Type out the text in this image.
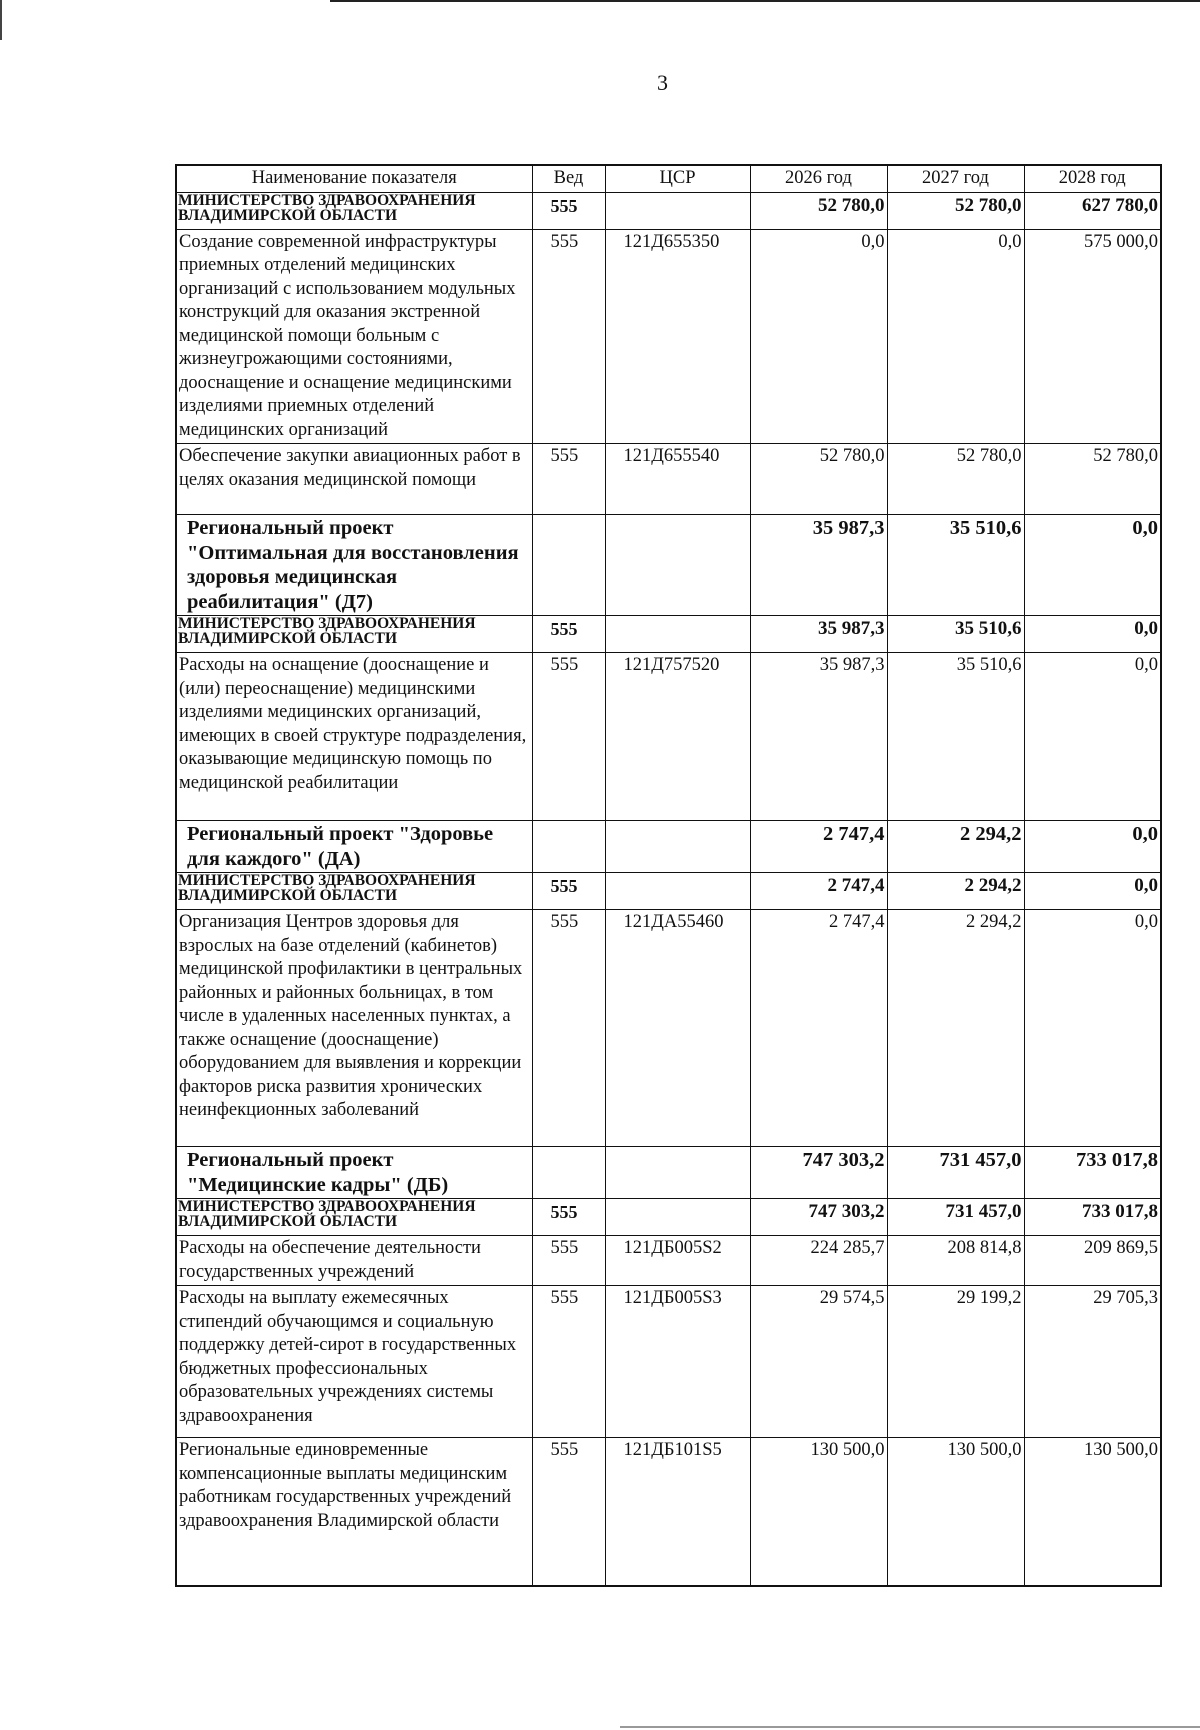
3
Наименование показателя	Вед	ЦСР	2026 год	2027 год	2028 год
МИНИСТЕРСТВО ЗДРАВООХРАНЕНИЯ ВЛАДИМИРСКОЙ ОБЛАСТИ	555		52 780,0	52 780,0	627 780,0
Создание современной инфраструктуры приемных отделений медицинских организаций с использованием модульных конструкций для оказания экстренной медицинской помощи больным с жизнеугрожающими состояниями, дооснащение и оснащение медицинскими изделиями приемных отделений медицинских организаций	555	121Д655350	0,0	0,0	575 000,0
Обеспечение закупки авиационных работ в целях оказания медицинской помощи	555	121Д655540	52 780,0	52 780,0	52 780,0
Региональный проект "Оптимальная для восстановления здоровья медицинская реабилитация" (Д7)			35 987,3	35 510,6	0,0
МИНИСТЕРСТВО ЗДРАВООХРАНЕНИЯ ВЛАДИМИРСКОЙ ОБЛАСТИ	555		35 987,3	35 510,6	0,0
Расходы на оснащение (дооснащение и (или) переоснащение) медицинскими изделиями медицинских организаций, имеющих в своей структуре подразделения, оказывающие медицинскую помощь по медицинской реабилитации	555	121Д757520	35 987,3	35 510,6	0,0
Региональный проект "Здоровье для каждого" (ДА)			2 747,4	2 294,2	0,0
МИНИСТЕРСТВО ЗДРАВООХРАНЕНИЯ ВЛАДИМИРСКОЙ ОБЛАСТИ	555		2 747,4	2 294,2	0,0
Организация Центров здоровья для взрослых на базе отделений (кабинетов) медицинской профилактики в центральных районных и районных больницах, в том числе в удаленных населенных пунктах, а также оснащение (дооснащение) оборудованием для выявления и коррекции факторов риска развития хронических неинфекционных заболеваний	555	121ДА55460	2 747,4	2 294,2	0,0
Региональный проект "Медицинские кадры" (ДБ)			747 303,2	731 457,0	733 017,8
МИНИСТЕРСТВО ЗДРАВООХРАНЕНИЯ ВЛАДИМИРСКОЙ ОБЛАСТИ	555		747 303,2	731 457,0	733 017,8
Расходы на обеспечение деятельности государственных учреждений	555	121ДБ005S2	224 285,7	208 814,8	209 869,5
Расходы на выплату ежемесячных стипендий обучающимся и социальную поддержку детей-сирот в государственных бюджетных профессиональных образовательных учреждениях системы здравоохранения	555	121ДБ005S3	29 574,5	29 199,2	29 705,3
Региональные единовременные компенсационные выплаты медицинским работникам государственных учреждений здравоохранения Владимирской области	555	121ДБ101S5	130 500,0	130 500,0	130 500,0
